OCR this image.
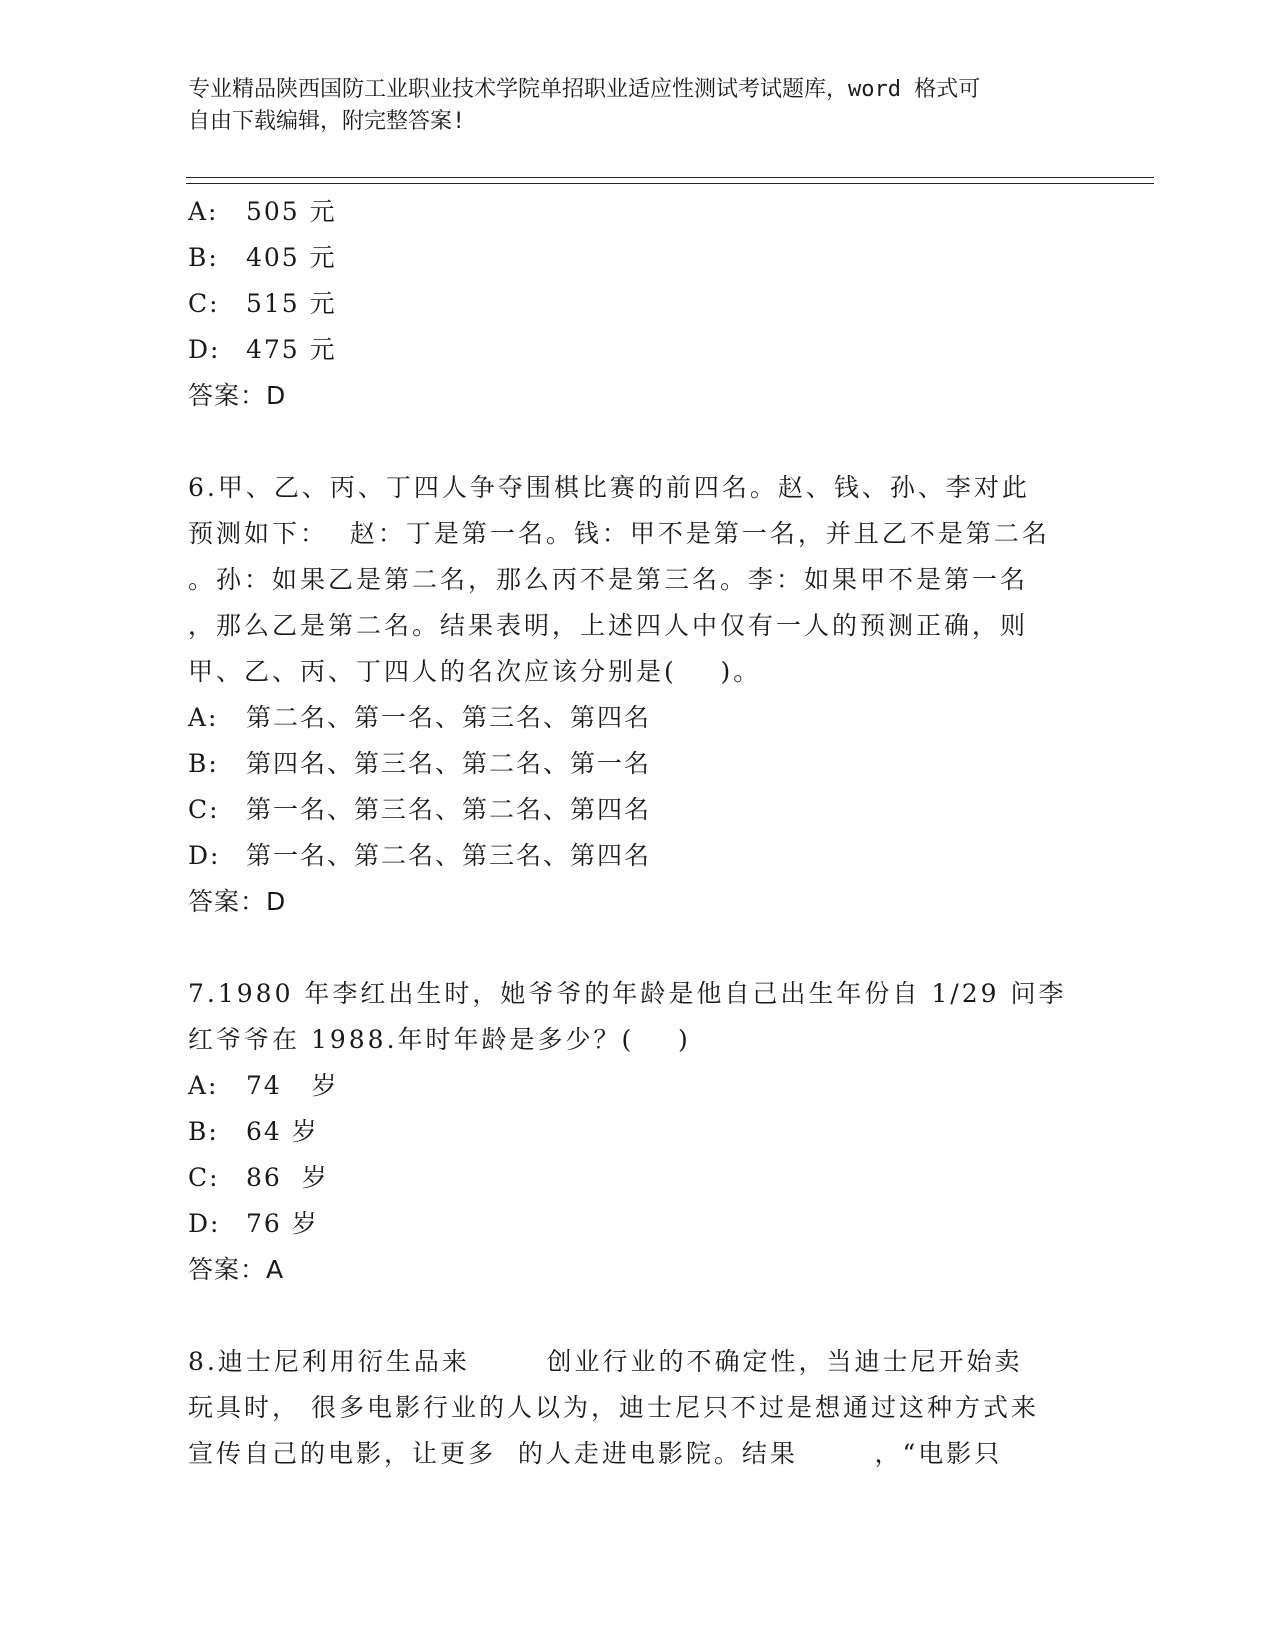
专业精品陕西国防工业职业技术学院单招职业适应性测试考试题库，word 格式可
自由下载编辑，附完整答案!
A: 505 元
B: 405 元
C: 515 元
D: 475 元
答案：D
6.甲、乙、丙、丁四人争夺围棋比赛的前四名。赵、钱、孙、李对此
预测如下：  赵：丁是第一名。钱：甲不是第一名，并且乙不是第二名
。孙：如果乙是第二名，那么丙不是第三名。李：如果甲不是第一名
，那么乙是第二名。结果表明，上述四人中仅有一人的预测正确，则
甲、乙、丙、丁四人的名次应该分别是(    )。
A: 第二名、第一名、第三名、第四名
B: 第四名、第三名、第二名、第一名
C: 第一名、第三名、第二名、第四名
D: 第一名、第二名、第三名、第四名
答案：D
7.1980 年李红出生时，她爷爷的年龄是他自己出生年份自 1/29 问李
红爷爷在 1988.年时年龄是多少？(    )
A: 74   岁
B: 64 岁
C: 86  岁
D: 76 岁
答案：A
8.迪士尼利用衍生品来       创业行业的不确定性，当迪士尼开始卖
玩具时， 很多电影行业的人以为，迪士尼只不过是想通过这种方式来
宣传自己的电影，让更多  的人走进电影院。结果       ，“电影只
